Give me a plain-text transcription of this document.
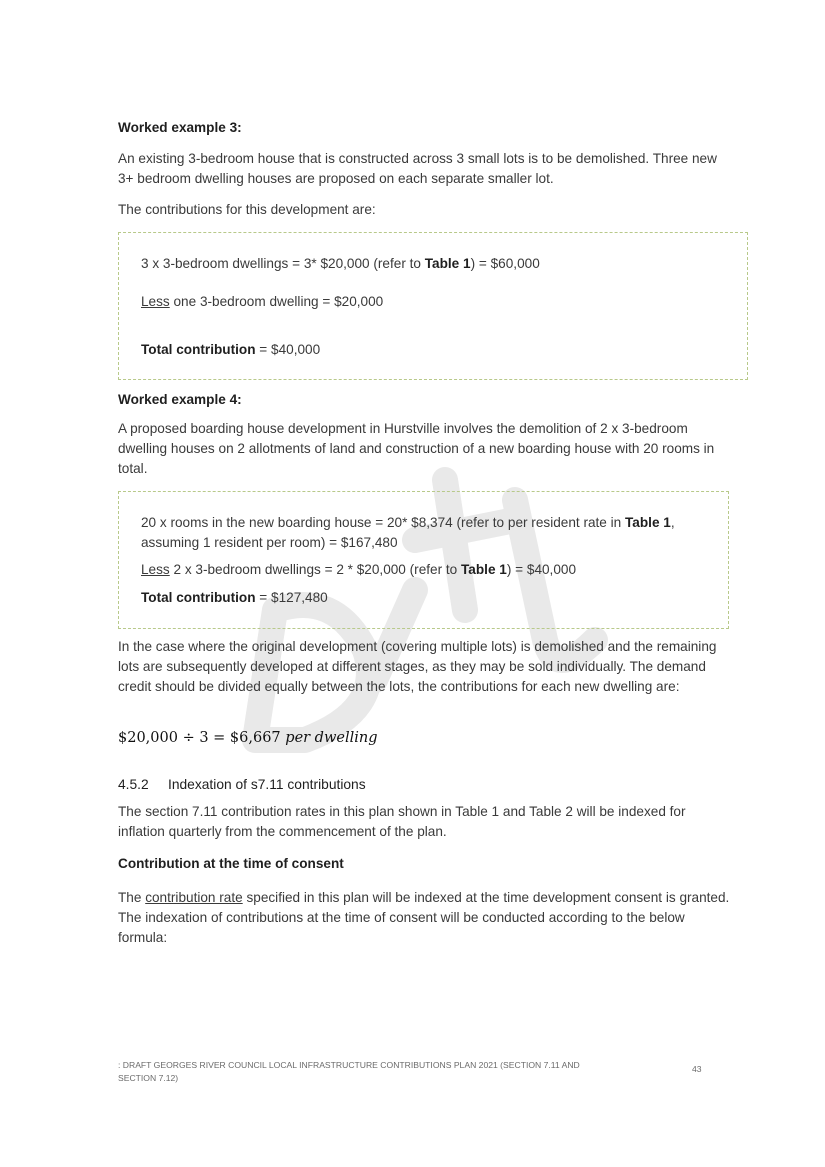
Worked example 3:

An existing 3-bedroom house that is constructed across 3 small lots is to be demolished. Three new 3+ bedroom dwelling houses are proposed on each separate smaller lot.

The contributions for this development are:

3 x 3-bedroom dwellings = 3* $20,000 (refer to Table 1) = $60,000

Less one 3-bedroom dwelling = $20,000

Total contribution = $40,000

Worked example 4:

A proposed boarding house development in Hurstville involves the demolition of 2 x 3-bedroom dwelling houses on 2 allotments of land and construction of a new boarding house with 20 rooms in total.

20 x rooms in the new boarding house = 20* $8,374 (refer to per resident rate in Table 1, assuming 1 resident per room) = $167,480

Less 2 x 3-bedroom dwellings = 2 * $20,000 (refer to Table 1) = $40,000

Total contribution = $127,480

In the case where the original development (covering multiple lots) is demolished and the remaining lots are subsequently developed at different stages, as they may be sold individually. The demand credit should be divided equally between the lots, the contributions for each new dwelling are:

$20,000 ÷ 3 = $6,667 per dwelling
4.5.2 Indexation of s7.11 contributions

The section 7.11 contribution rates in this plan shown in Table 1 and Table 2 will be indexed for inflation quarterly from the commencement of the plan.

Contribution at the time of consent

The contribution rate specified in this plan will be indexed at the time development consent is granted. The indexation of contributions at the time of consent will be conducted according to the below formula:

: DRAFT GEORGES RIVER COUNCIL LOCAL INFRASTRUCTURE CONTRIBUTIONS PLAN 2021 (SECTION 7.11 AND SECTION 7.12)
43
